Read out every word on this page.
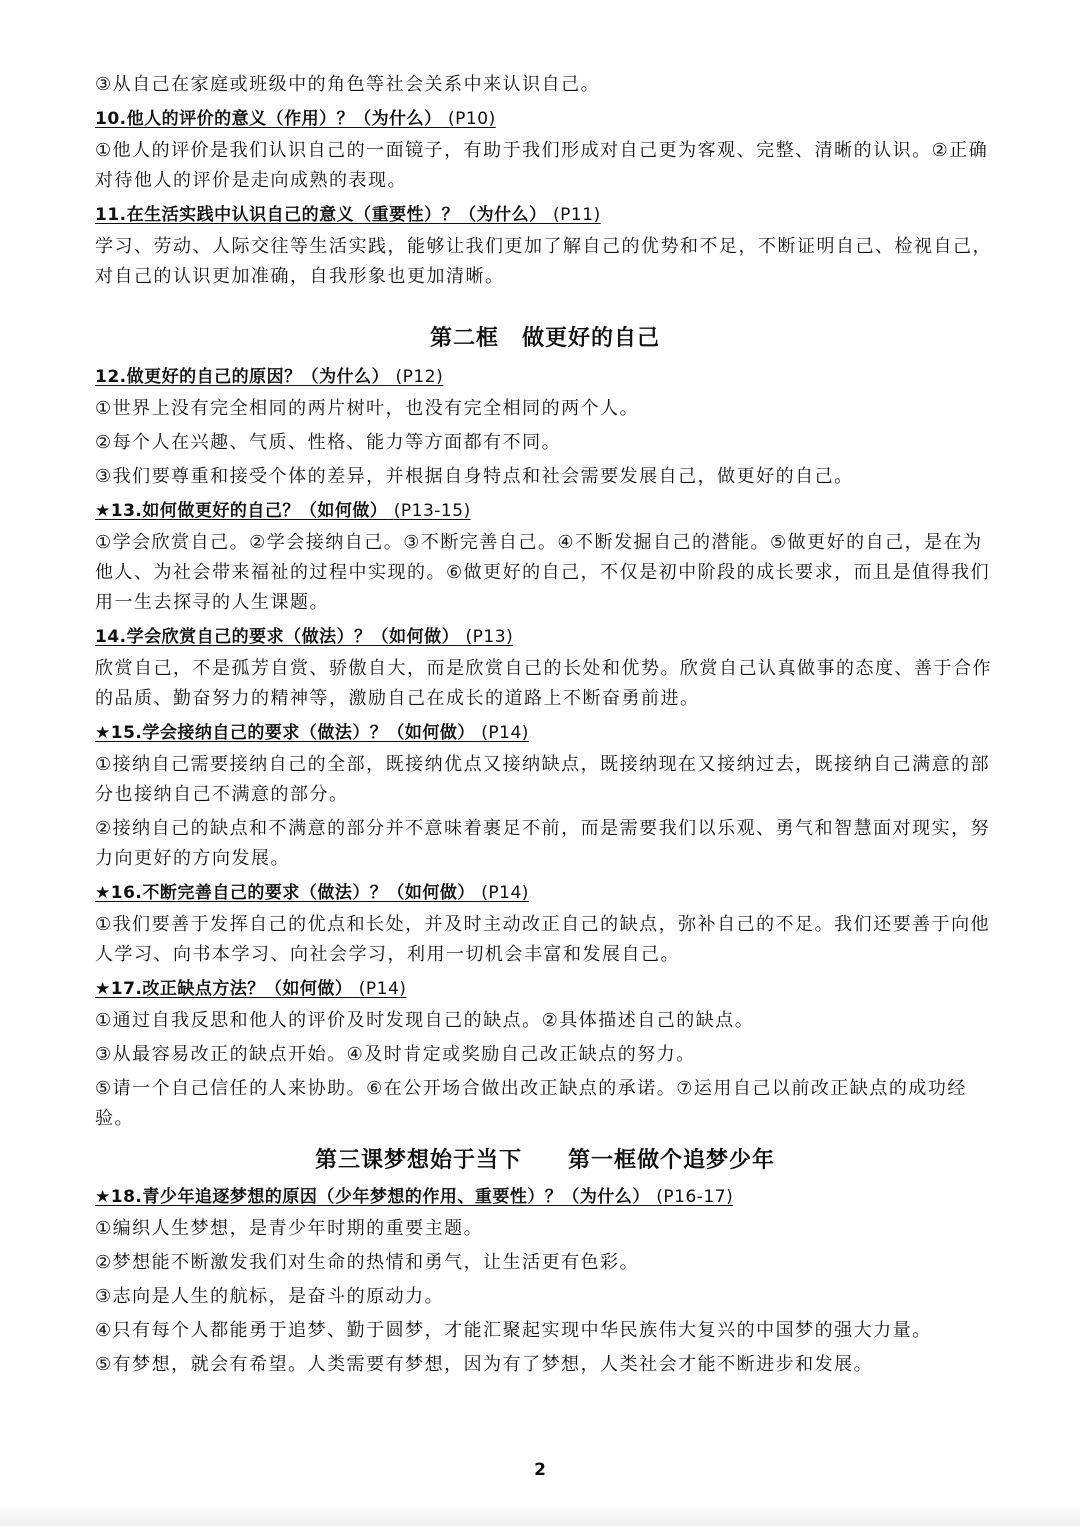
③从自己在家庭或班级中的角色等社会关系中来认识自己。
10.他人的评价的意义（作用）？（为什么） (P10)
①他人的评价是我们认识自己的一面镜子，有助于我们形成对自己更为客观、完整、清晰的认识。②正确对待他人的评价是走向成熟的表现。
11.在生活实践中认识自己的意义（重要性）？（为什么） (P11)
学习、劳动、人际交往等生活实践，能够让我们更加了解自己的优势和不足，不断证明自己、检视自己，对自己的认识更加准确，自我形象也更加清晰。
第二框　做更好的自己
12.做更好的自己的原因？（为什么） (P12)
①世界上没有完全相同的两片树叶，也没有完全相同的两个人。
②每个人在兴趣、气质、性格、能力等方面都有不同。
③我们要尊重和接受个体的差异，并根据自身特点和社会需要发展自己，做更好的自己。
★13.如何做更好的自己？（如何做） (P13-15)
①学会欣赏自己。②学会接纳自己。③不断完善自己。④不断发掘自己的潜能。⑤做更好的自己，是在为他人、为社会带来福祉的过程中实现的。⑥做更好的自己，不仅是初中阶段的成长要求，而且是值得我们用一生去探寻的人生课题。
14.学会欣赏自己的要求（做法）？（如何做） (P13)
欣赏自己，不是孤芳自赏、骄傲自大，而是欣赏自己的长处和优势。欣赏自己认真做事的态度、善于合作的品质、勤奋努力的精神等，激励自己在成长的道路上不断奋勇前进。
★15.学会接纳自己的要求（做法）？（如何做） (P14)
①接纳自己需要接纳自己的全部，既接纳优点又接纳缺点，既接纳现在又接纳过去，既接纳自己满意的部分也接纳自己不满意的部分。
②接纳自己的缺点和不满意的部分并不意味着裹足不前，而是需要我们以乐观、勇气和智慧面对现实，努力向更好的方向发展。
★16.不断完善自己的要求（做法）？（如何做） (P14)
①我们要善于发挥自己的优点和长处，并及时主动改正自己的缺点，弥补自己的不足。我们还要善于向他人学习、向书本学习、向社会学习，利用一切机会丰富和发展自己。
★17.改正缺点方法？（如何做） (P14)
①通过自我反思和他人的评价及时发现自己的缺点。②具体描述自己的缺点。
③从最容易改正的缺点开始。④及时肯定或奖励自己改正缺点的努力。
⑤请一个自己信任的人来协助。⑥在公开场合做出改正缺点的承诺。⑦运用自己以前改正缺点的成功经验。
第三课梦想始于当下　　第一框做个追梦少年
★18.青少年追逐梦想的原因（少年梦想的作用、重要性）？（为什么） (P16-17)
①编织人生梦想，是青少年时期的重要主题。
②梦想能不断激发我们对生命的热情和勇气，让生活更有色彩。
③志向是人生的航标，是奋斗的原动力。
④只有每个人都能勇于追梦、勤于圆梦，才能汇聚起实现中华民族伟大复兴的中国梦的强大力量。
⑤有梦想，就会有希望。人类需要有梦想，因为有了梦想，人类社会才能不断进步和发展。
2
